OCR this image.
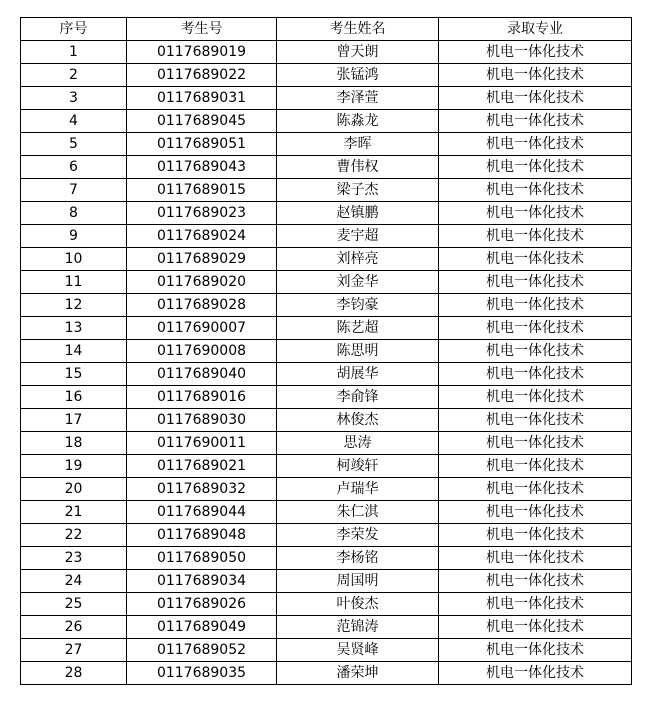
序号	考生号	考生姓名	录取专业
1	0117689019	曾天朗	机电一体化技术
2	0117689022	张锰鸿	机电一体化技术
3	0117689031	李泽萱	机电一体化技术
4	0117689045	陈淼龙	机电一体化技术
5	0117689051	李晖	机电一体化技术
6	0117689043	曹伟权	机电一体化技术
7	0117689015	梁子杰	机电一体化技术
8	0117689023	赵镇鹏	机电一体化技术
9	0117689024	麦宇超	机电一体化技术
10	0117689029	刘梓亮	机电一体化技术
11	0117689020	刘金华	机电一体化技术
12	0117689028	李钧豪	机电一体化技术
13	0117690007	陈艺超	机电一体化技术
14	0117690008	陈思明	机电一体化技术
15	0117689040	胡展华	机电一体化技术
16	0117689016	李俞锋	机电一体化技术
17	0117689030	林俊杰	机电一体化技术
18	0117690011	思涛	机电一体化技术
19	0117689021	柯竣轩	机电一体化技术
20	0117689032	卢瑞华	机电一体化技术
21	0117689044	朱仁淇	机电一体化技术
22	0117689048	李荣发	机电一体化技术
23	0117689050	李杨铭	机电一体化技术
24	0117689034	周国明	机电一体化技术
25	0117689026	叶俊杰	机电一体化技术
26	0117689049	范锦涛	机电一体化技术
27	0117689052	吴贤峰	机电一体化技术
28	0117689035	潘荣坤	机电一体化技术
